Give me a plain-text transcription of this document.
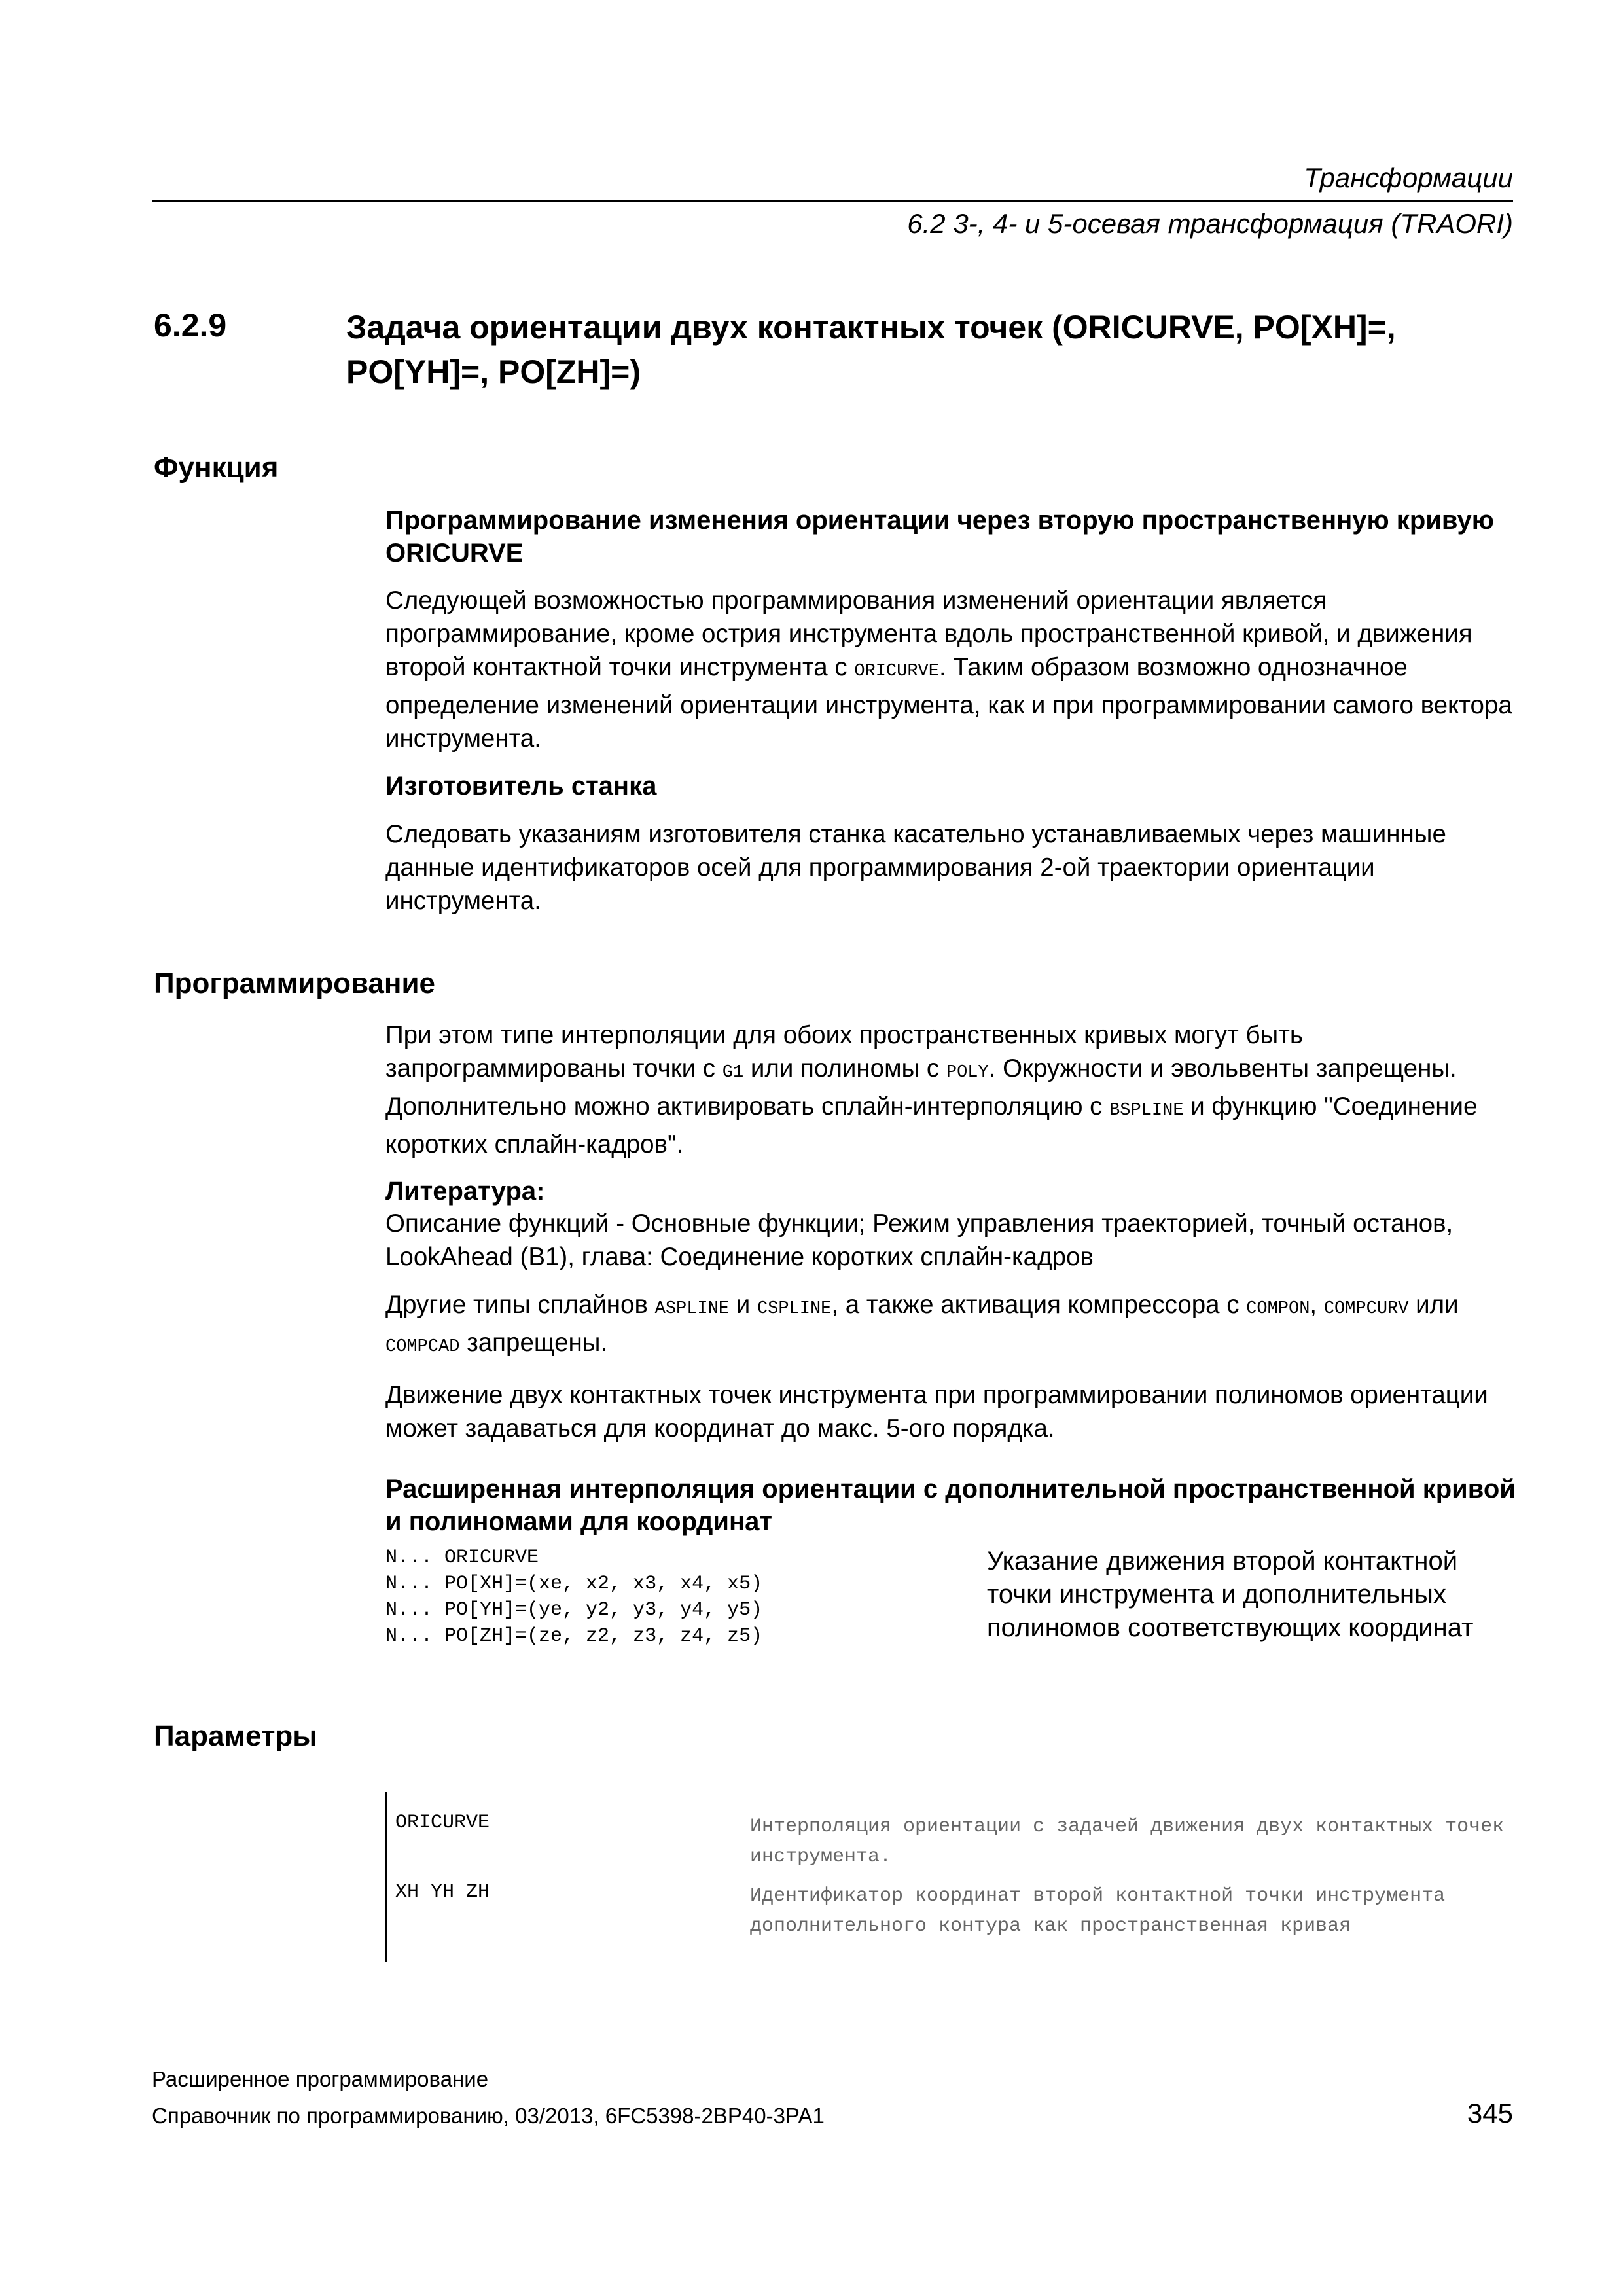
Трансформации
6.2 3-, 4- и 5-осевая трансформация (TRAORI)
6.2.9	Задача ориентации двух контактных точек (ORICURVE, PO[XH]=, PO[YH]=, PO[ZH]=)
Функция

Программирование изменения ориентации через вторую пространственную кривую ORICURVE

Следующей возможностью программирования изменений ориентации является программирование, кроме острия инструмента вдоль пространственной кривой, и движения второй контактной точки инструмента с ORICURVE. Таким образом возможно однозначное определение изменений ориентации инструмента, как и при программировании самого вектора инструмента.

Изготовитель станка

Следовать указаниям изготовителя станка касательно устанавливаемых через машинные данные идентификаторов осей для программирования 2-ой траектории ориентации инструмента.

Программирование

При этом типе интерполяции для обоих пространственных кривых могут быть запрограммированы точки с G1 или полиномы с POLY. Окружности и эвольвенты запрещены. Дополнительно можно активировать сплайн-интерполяцию с BSPLINE и функцию "Соединение коротких сплайн-кадров".

Литература:

Описание функций - Основные функции; Режим управления траекторией, точный останов, LookAhead (B1), глава: Соединение коротких сплайн-кадров

Другие типы сплайнов ASPLINE и CSPLINE, а также активация компрессора с COMPON, COMPCURV или COMPCAD запрещены.

Движение двух контактных точек инструмента при программировании полиномов ориентации может задаваться для координат до макс. 5-ого порядка.

Расширенная интерполяция ориентации с дополнительной пространственной кривой и полиномами для координат
N... ORICURVE
N... PO[XH]=(xe, x2, x3, x4, x5)
N... PO[YH]=(ye, y2, y3, y4, y5)
N... PO[ZH]=(ze, z2, z3, z4, z5)
Указание движения второй контактной точки инструмента и дополнительных полиномов соответствующих координат
Параметры
ORICURVE	Интерполяция ориентации с задачей движения двух контактных точек инструмента.
XH YH ZH	Идентификатор координат второй контактной точки инструмента дополнительного контура как пространственная кривая
Расширенное программирование
Справочник по программированию, 03/2013, 6FC5398-2BP40-3PA1	345
